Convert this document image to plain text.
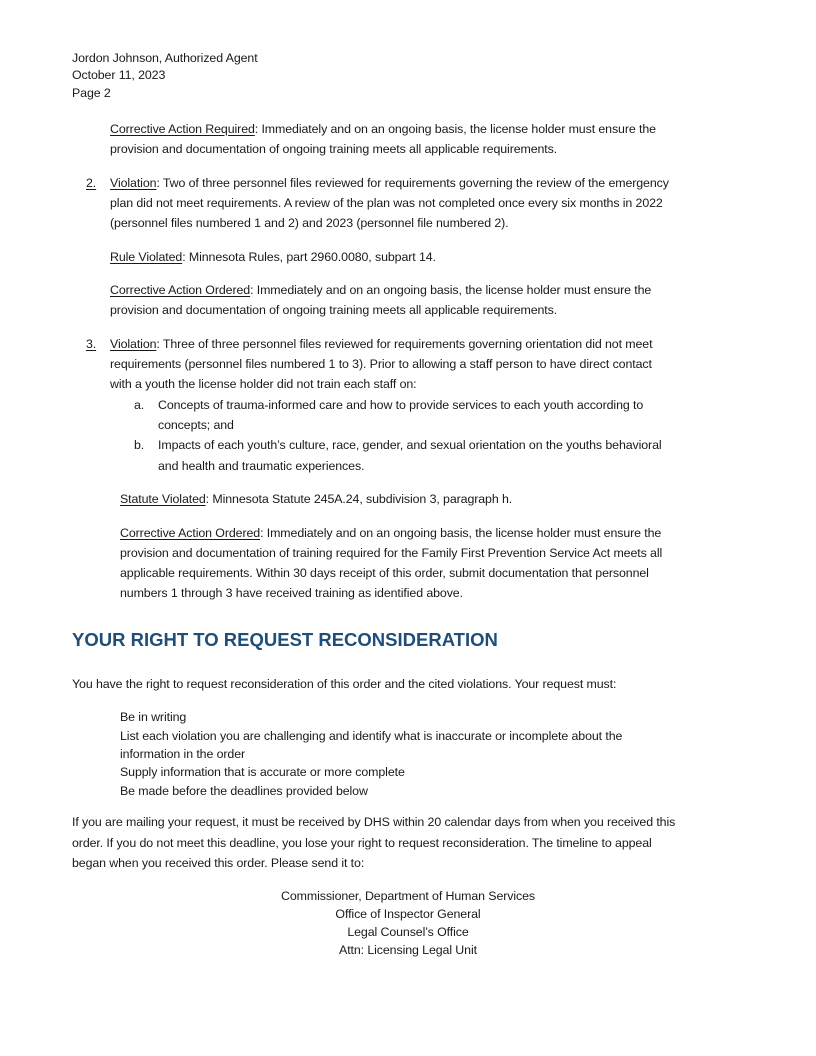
Jordon Johnson, Authorized Agent
October 11, 2023
Page 2
Corrective Action Required: Immediately and on an ongoing basis, the license holder must ensure the
provision and documentation of ongoing training meets all applicable requirements.
2. Violation: Two of three personnel files reviewed for requirements governing the review of the emergency
plan did not meet requirements. A review of the plan was not completed once every six months in 2022
(personnel files numbered 1 and 2) and 2023 (personnel file numbered 2).
Rule Violated: Minnesota Rules, part 2960.0080, subpart 14.
Corrective Action Ordered: Immediately and on an ongoing basis, the license holder must ensure the
provision and documentation of ongoing training meets all applicable requirements.
3. Violation: Three of three personnel files reviewed for requirements governing orientation did not meet
requirements (personnel files numbered 1 to 3). Prior to allowing a staff person to have direct contact
with a youth the license holder did not train each staff on:
a. Concepts of trauma-informed care and how to provide services to each youth according to
concepts; and
b. Impacts of each youth’s culture, race, gender, and sexual orientation on the youths behavioral
and health and traumatic experiences.
Statute Violated: Minnesota Statute 245A.24, subdivision 3, paragraph h.
Corrective Action Ordered: Immediately and on an ongoing basis, the license holder must ensure the
provision and documentation of training required for the Family First Prevention Service Act meets all
applicable requirements. Within 30 days receipt of this order, submit documentation that personnel
numbers 1 through 3 have received training as identified above.
YOUR RIGHT TO REQUEST RECONSIDERATION
You have the right to request reconsideration of this order and the cited violations. Your request must:
Be in writing
List each violation you are challenging and identify what is inaccurate or incomplete about the
information in the order
Supply information that is accurate or more complete
Be made before the deadlines provided below
If you are mailing your request, it must be received by DHS within 20 calendar days from when you received this
order. If you do not meet this deadline, you lose your right to request reconsideration. The timeline to appeal
began when you received this order. Please send it to:
Commissioner, Department of Human Services
Office of Inspector General
Legal Counsel’s Office
Attn: Licensing Legal Unit
